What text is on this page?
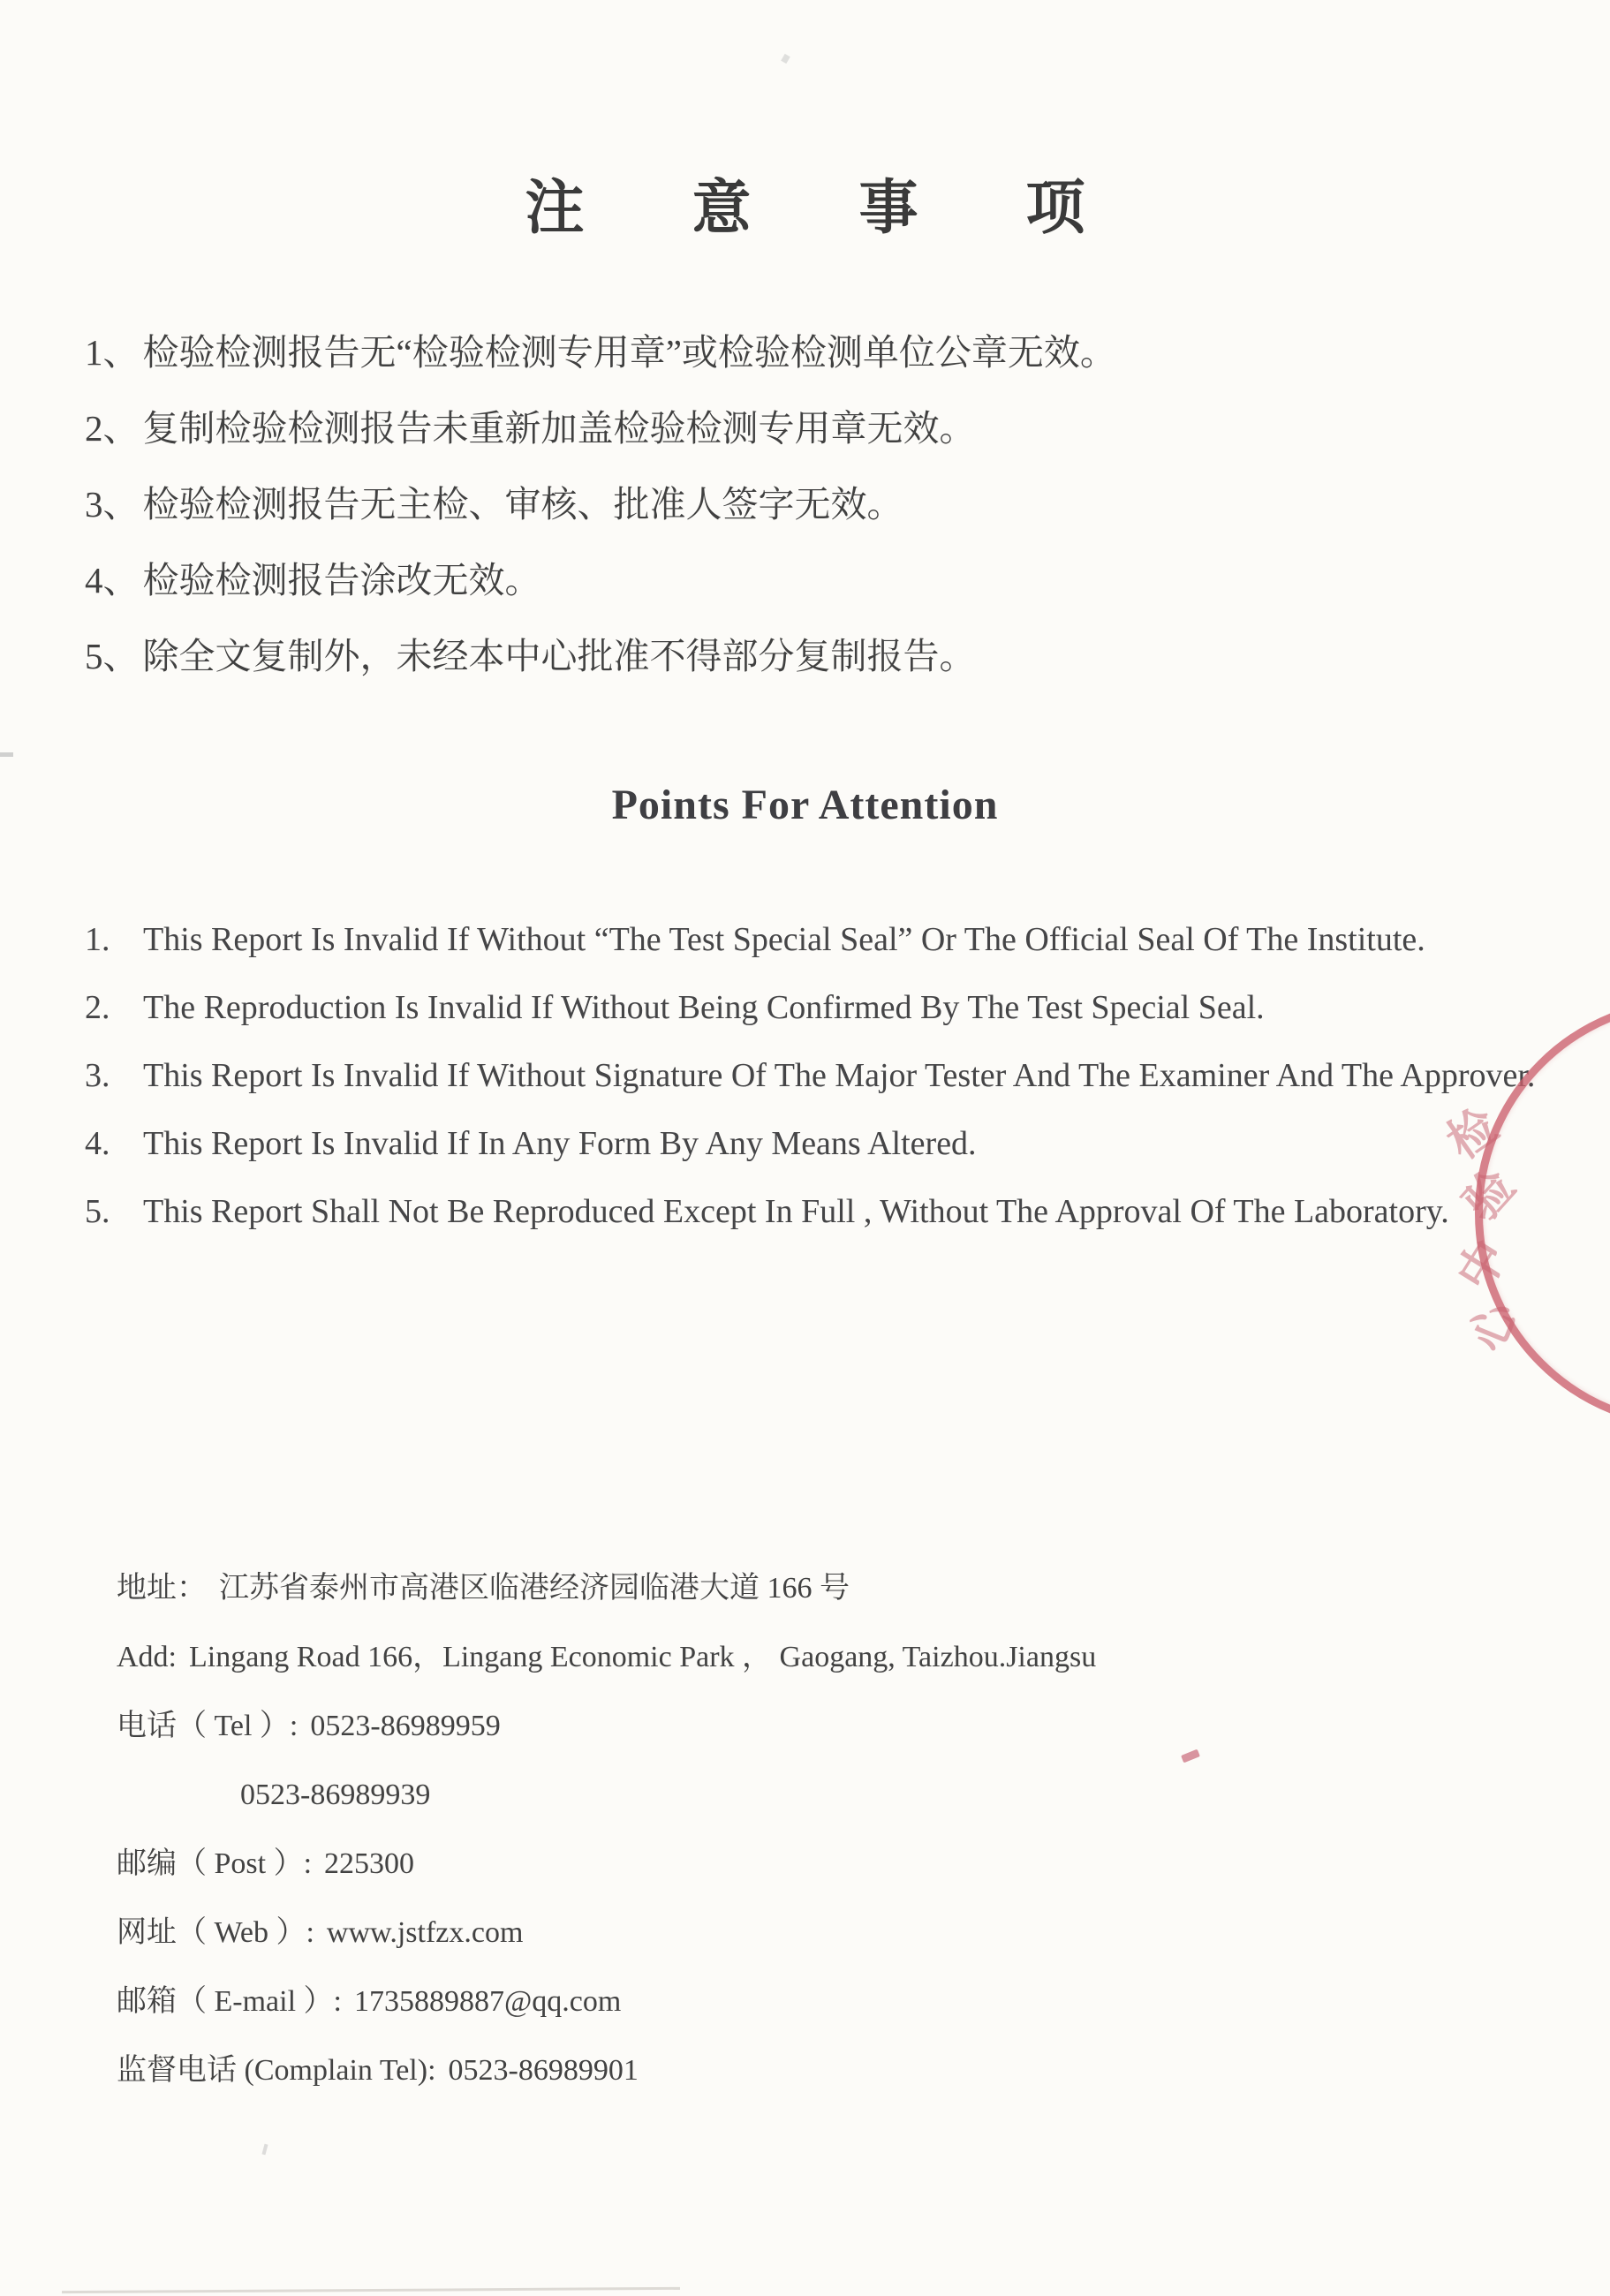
注意事项
1、检验检测报告无“检验检测专用章”或检验检测单位公章无效。
2、复制检验检测报告未重新加盖检验检测专用章无效。
3、检验检测报告无主检、审核、批准人签字无效。
4、检验检测报告涂改无效。
5、除全文复制外，未经本中心批准不得部分复制报告。
Points For Attention
1. This Report Is Invalid If Without “The Test Special Seal” Or The Official Seal Of The Institute.
2. The Reproduction Is Invalid If Without Being Confirmed By The Test Special Seal.
3. This Report Is Invalid If Without Signature Of The Major Tester And The Examiner And The Approver.
4. This Report Is Invalid If In Any Form By Any Means Altered.
5. This Report Shall Not Be Reproduced Except In Full , Without The Approval Of The Laboratory.
地址： 江苏省泰州市高港区临港经济园临港大道 166 号
Add: Lingang Road 166，Lingang Economic Park ， Gaogang, Taizhou.Jiangsu
电话（ Tel ）: 0523-86989959
0523-86989939
邮编（ Post ）: 225300
网址（ Web ）: www.jstfzx.com
邮箱（ E-mail ）: 1735889887@qq.com
监督电话 (Complain Tel): 0523-86989901
检
验
中
心
